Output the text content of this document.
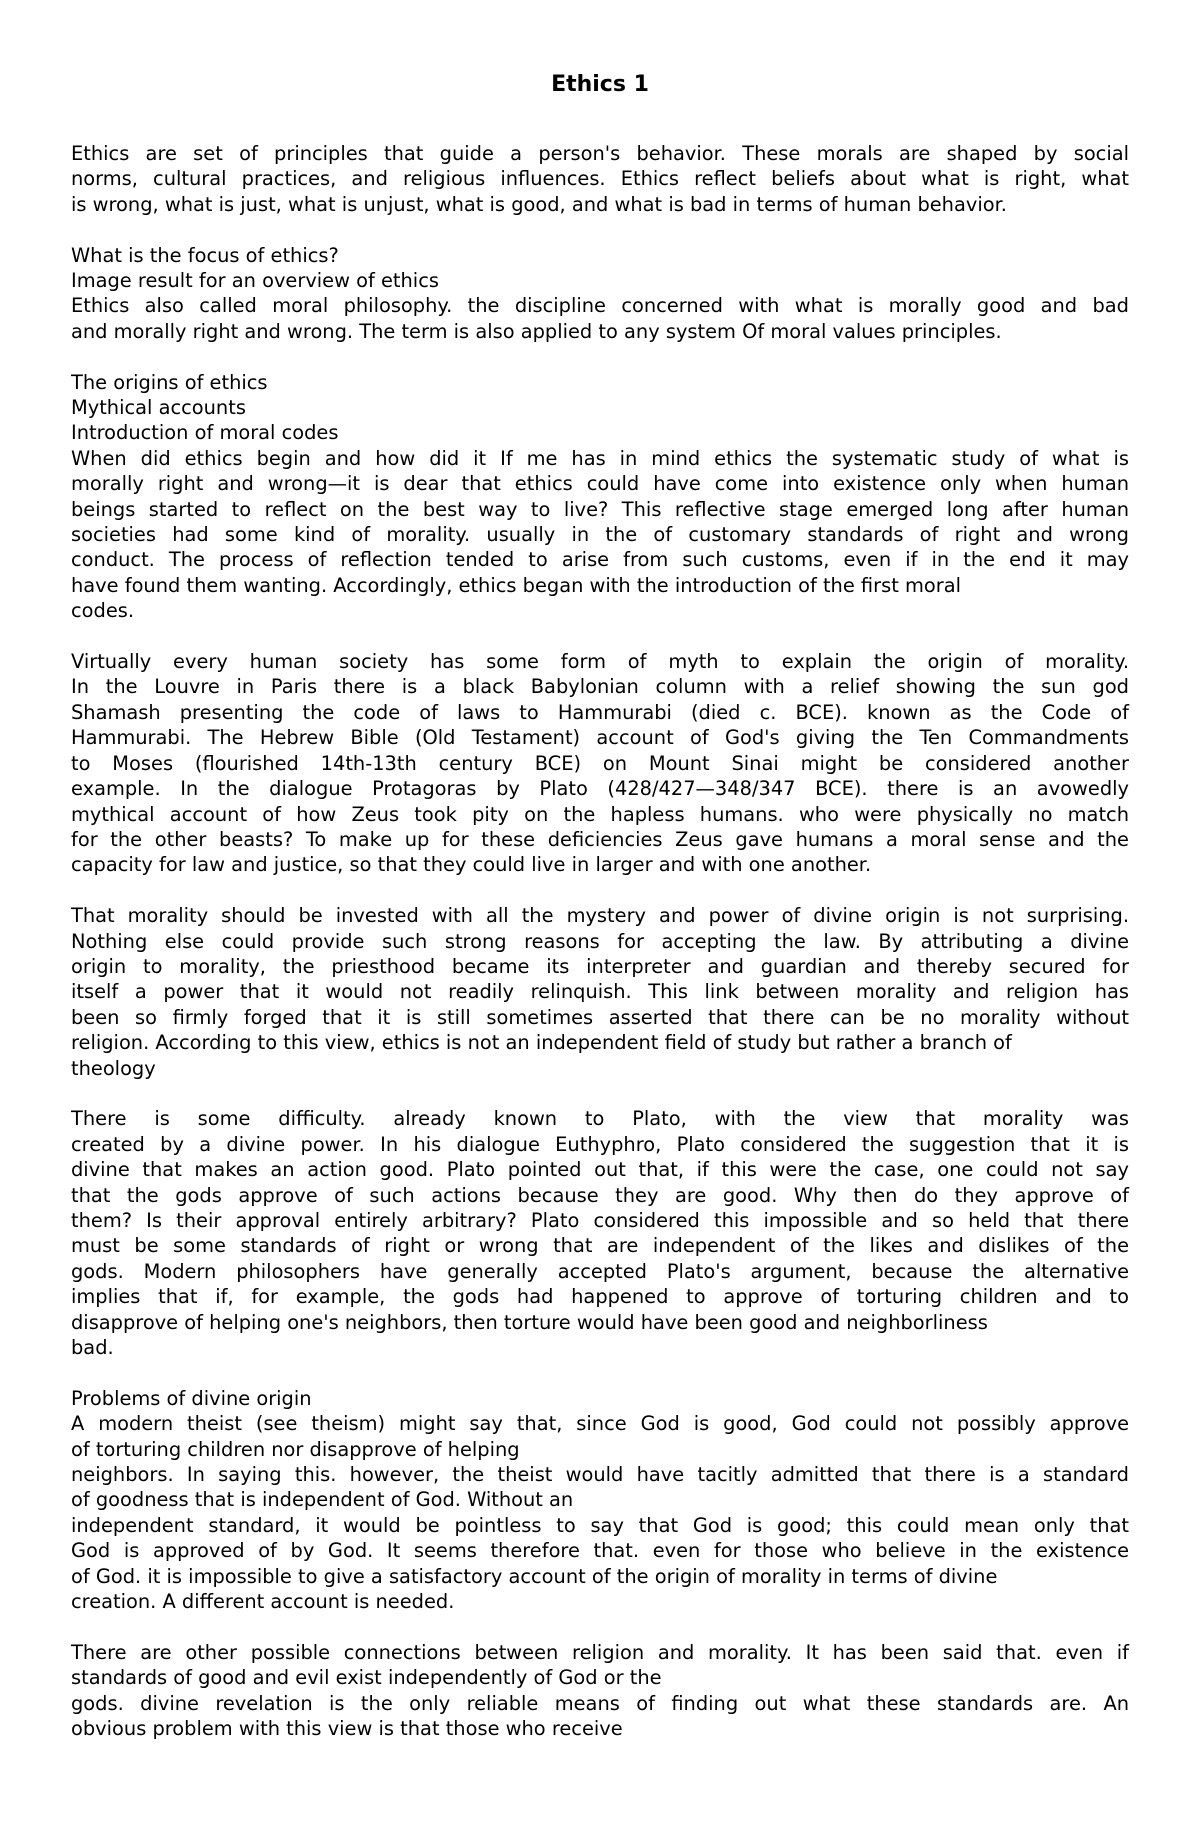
Ethics 1

Ethics are set of principles that guide a person's behavior. These morals are shaped by social
norms, cultural practices, and religious influences. Ethics reflect beliefs about what is right, what
is wrong, what is just, what is unjust, what is good, and what is bad in terms of human behavior.

What is the focus of ethics?
Image result for an overview of ethics
Ethics also called moral philosophy. the discipline concerned with what is morally good and bad
and morally right and wrong. The term is also applied to any system Of moral values principles.

The origins of ethics
Mythical accounts
Introduction of moral codes
When did ethics begin and how did it If me has in mind ethics the systematic study of what is
morally right and wrong—it is dear that ethics could have come into existence only when human
beings started to reflect on the best way to live? This reflective stage emerged long after human
societies had some kind of morality. usually in the of customary standards of right and wrong
conduct. The process of reflection tended to arise from such customs, even if in the end it may
have found them wanting. Accordingly, ethics began with the introduction of the first moral
codes.

Virtually every human society has some form of myth to explain the origin of morality.
In the Louvre in Paris there is a black Babylonian column with a relief showing the sun god
Shamash presenting the code of laws to Hammurabi (died c. BCE). known as the Code of
Hammurabi. The Hebrew Bible (Old Testament) account of God's giving the Ten Commandments
to Moses (flourished 14th-13th century BCE) on Mount Sinai might be considered another
example. In the dialogue Protagoras by Plato (428/427—348/347 BCE). there is an avowedly
mythical account of how Zeus took pity on the hapless humans. who were physically no match
for the other beasts? To make up for these deficiencies Zeus gave humans a moral sense and the
capacity for law and justice, so that they could live in larger and with one another.

That morality should be invested with all the mystery and power of divine origin is not surprising.
Nothing else could provide such strong reasons for accepting the law. By attributing a divine
origin to morality, the priesthood became its interpreter and guardian and thereby secured for
itself a power that it would not readily relinquish. This link between morality and religion has
been so firmly forged that it is still sometimes asserted that there can be no morality without
religion. According to this view, ethics is not an independent field of study but rather a branch of
theology

There is some difficulty. already known to Plato, with the view that morality was
created by a divine power. In his dialogue Euthyphro, Plato considered the suggestion that it is
divine that makes an action good. Plato pointed out that, if this were the case, one could not say
that the gods approve of such actions because they are good. Why then do they approve of
them? Is their approval entirely arbitrary? Plato considered this impossible and so held that there
must be some standards of right or wrong that are independent of the likes and dislikes of the
gods. Modern philosophers have generally accepted Plato's argument, because the alternative
implies that if, for example, the gods had happened to approve of torturing children and to
disapprove of helping one's neighbors, then torture would have been good and neighborliness
bad.

Problems of divine origin
A modern theist (see theism) might say that, since God is good, God could not possibly approve
of torturing children nor disapprove of helping
neighbors. In saying this. however, the theist would have tacitly admitted that there is a standard
of goodness that is independent of God. Without an
independent standard, it would be pointless to say that God is good; this could mean only that
God is approved of by God. It seems therefore that. even for those who believe in the existence
of God. it is impossible to give a satisfactory account of the origin of morality in terms of divine
creation. A different account is needed.

There are other possible connections between religion and morality. It has been said that. even if
standards of good and evil exist independently of God or the
gods. divine revelation is the only reliable means of finding out what these standards are. An
obvious problem with this view is that those who receive
